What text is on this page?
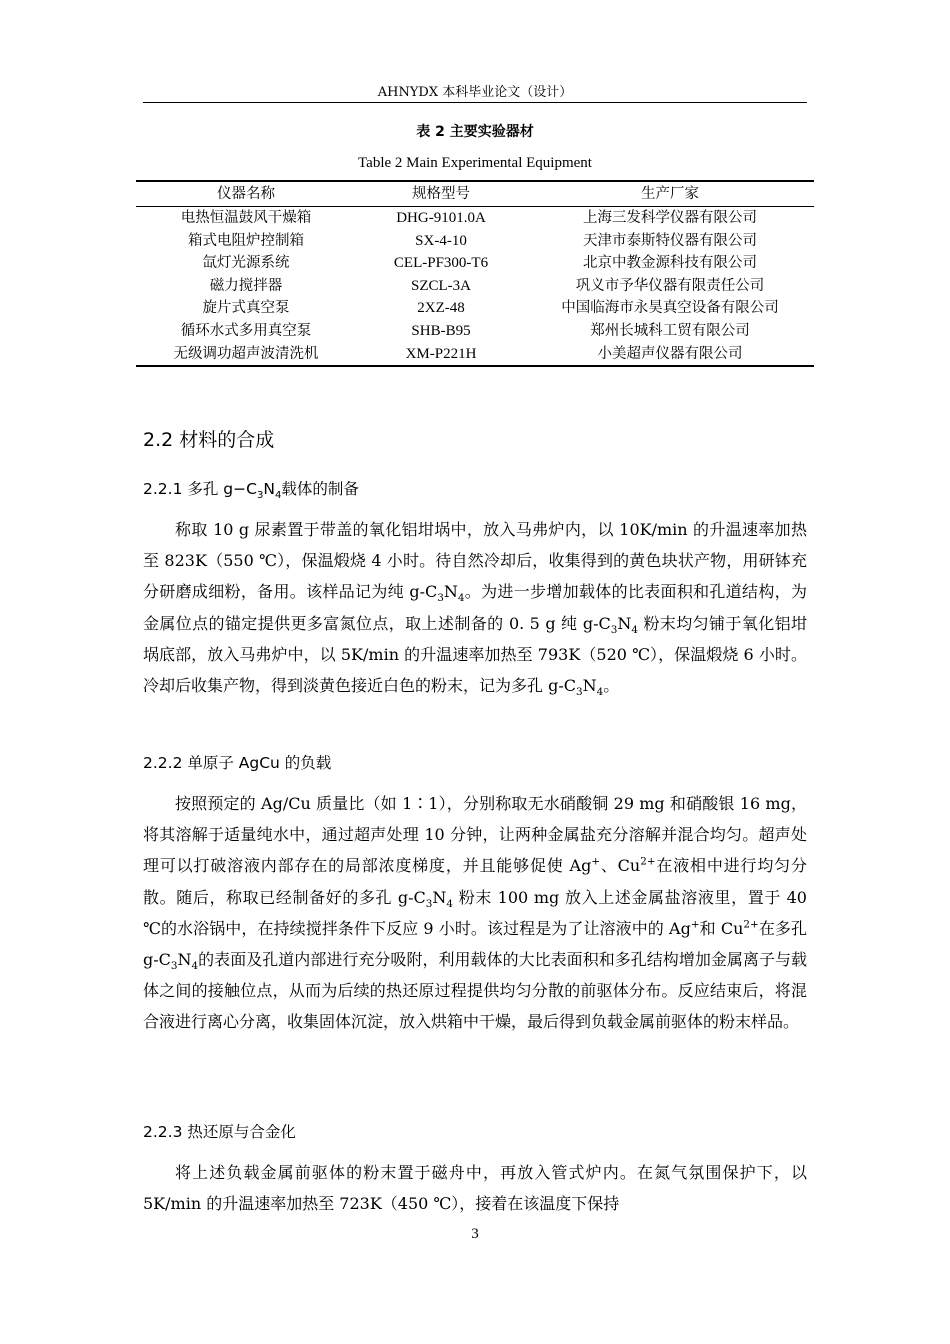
AHNYDX 本科毕业论文（设计）
表 2 主要实验器材
Table 2 Main Experimental Equipment
仪器名称	规格型号	生产厂家
电热恒温鼓风干燥箱	DHG-9101.0A	上海三发科学仪器有限公司
箱式电阻炉控制箱	SX-4-10	天津市泰斯特仪器有限公司
氙灯光源系统	CEL-PF300-T6	北京中教金源科技有限公司
磁力搅拌器	SZCL-3A	巩义市予华仪器有限责任公司
旋片式真空泵	2XZ-48	中国临海市永昊真空设备有限公司
循环水式多用真空泵	SHB-B95	郑州长城科工贸有限公司
无级调功超声波清洗机	XM-P221H	小美超声仪器有限公司
2.2 材料的合成
2.2.1 多孔 $g-C_3N_4$载体的制备
称取 10 g 尿素置于带盖的氧化铝坩埚中，放入马弗炉内，以 10K/min 的升温速率加热至 823K（550 ℃），保温煅烧 4 小时。待自然冷却后，收集得到的黄色块状产物，用研钵充分研磨成细粉，备用。该样品记为纯 $g-C_3N_4$。为进一步增加载体的比表面积和孔道结构，为金属位点的锚定提供更多富氮位点，取上述制备的 0. 5 g 纯 $g-C_3N_4$ 粉末均匀铺于氧化铝坩埚底部，放入马弗炉中，以 5K/min 的升温速率加热至 793K（520 ℃），保温煅烧 6 小时。冷却后收集产物，得到淡黄色接近白色的粉末，记为多孔 $g-C_3N_4$。
2.2.2 单原子 AgCu 的负载
按照预定的 Ag/Cu 质量比（如 1∶1），分别称取无水硝酸铜 29 mg 和硝酸银 16 mg，将其溶解于适量纯水中，通过超声处理 10 分钟，让两种金属盐充分溶解并混合均匀。超声处理可以打破溶液内部存在的局部浓度梯度，并且能够促使 Ag+、$Cu^{2+}$在液相中进行均匀分散。随后，称取已经制备好的多孔 $g-C_3N_4$ 粉末 100 mg 放入上述金属盐溶液里，置于 40 ℃的水浴锅中，在持续搅拌条件下反应 9 小时。该过程是为了让溶液中的 Ag+和 $Cu^{2+}$在多孔 $g-C_3N_4$的表面及孔道内部进行充分吸附，利用载体的大比表面积和多孔结构增加金属离子与载体之间的接触位点，从而为后续的热还原过程提供均匀分散的前驱体分布。反应结束后，将混合液进行离心分离，收集固体沉淀，放入烘箱中干燥，最后得到负载金属前驱体的粉末样品。
2.2.3 热还原与合金化
将上述负载金属前驱体的粉末置于磁舟中，再放入管式炉内。在氮气氛围保护下，以 5K/min 的升温速率加热至 723K（450 ℃），接着在该温度下保持
3
